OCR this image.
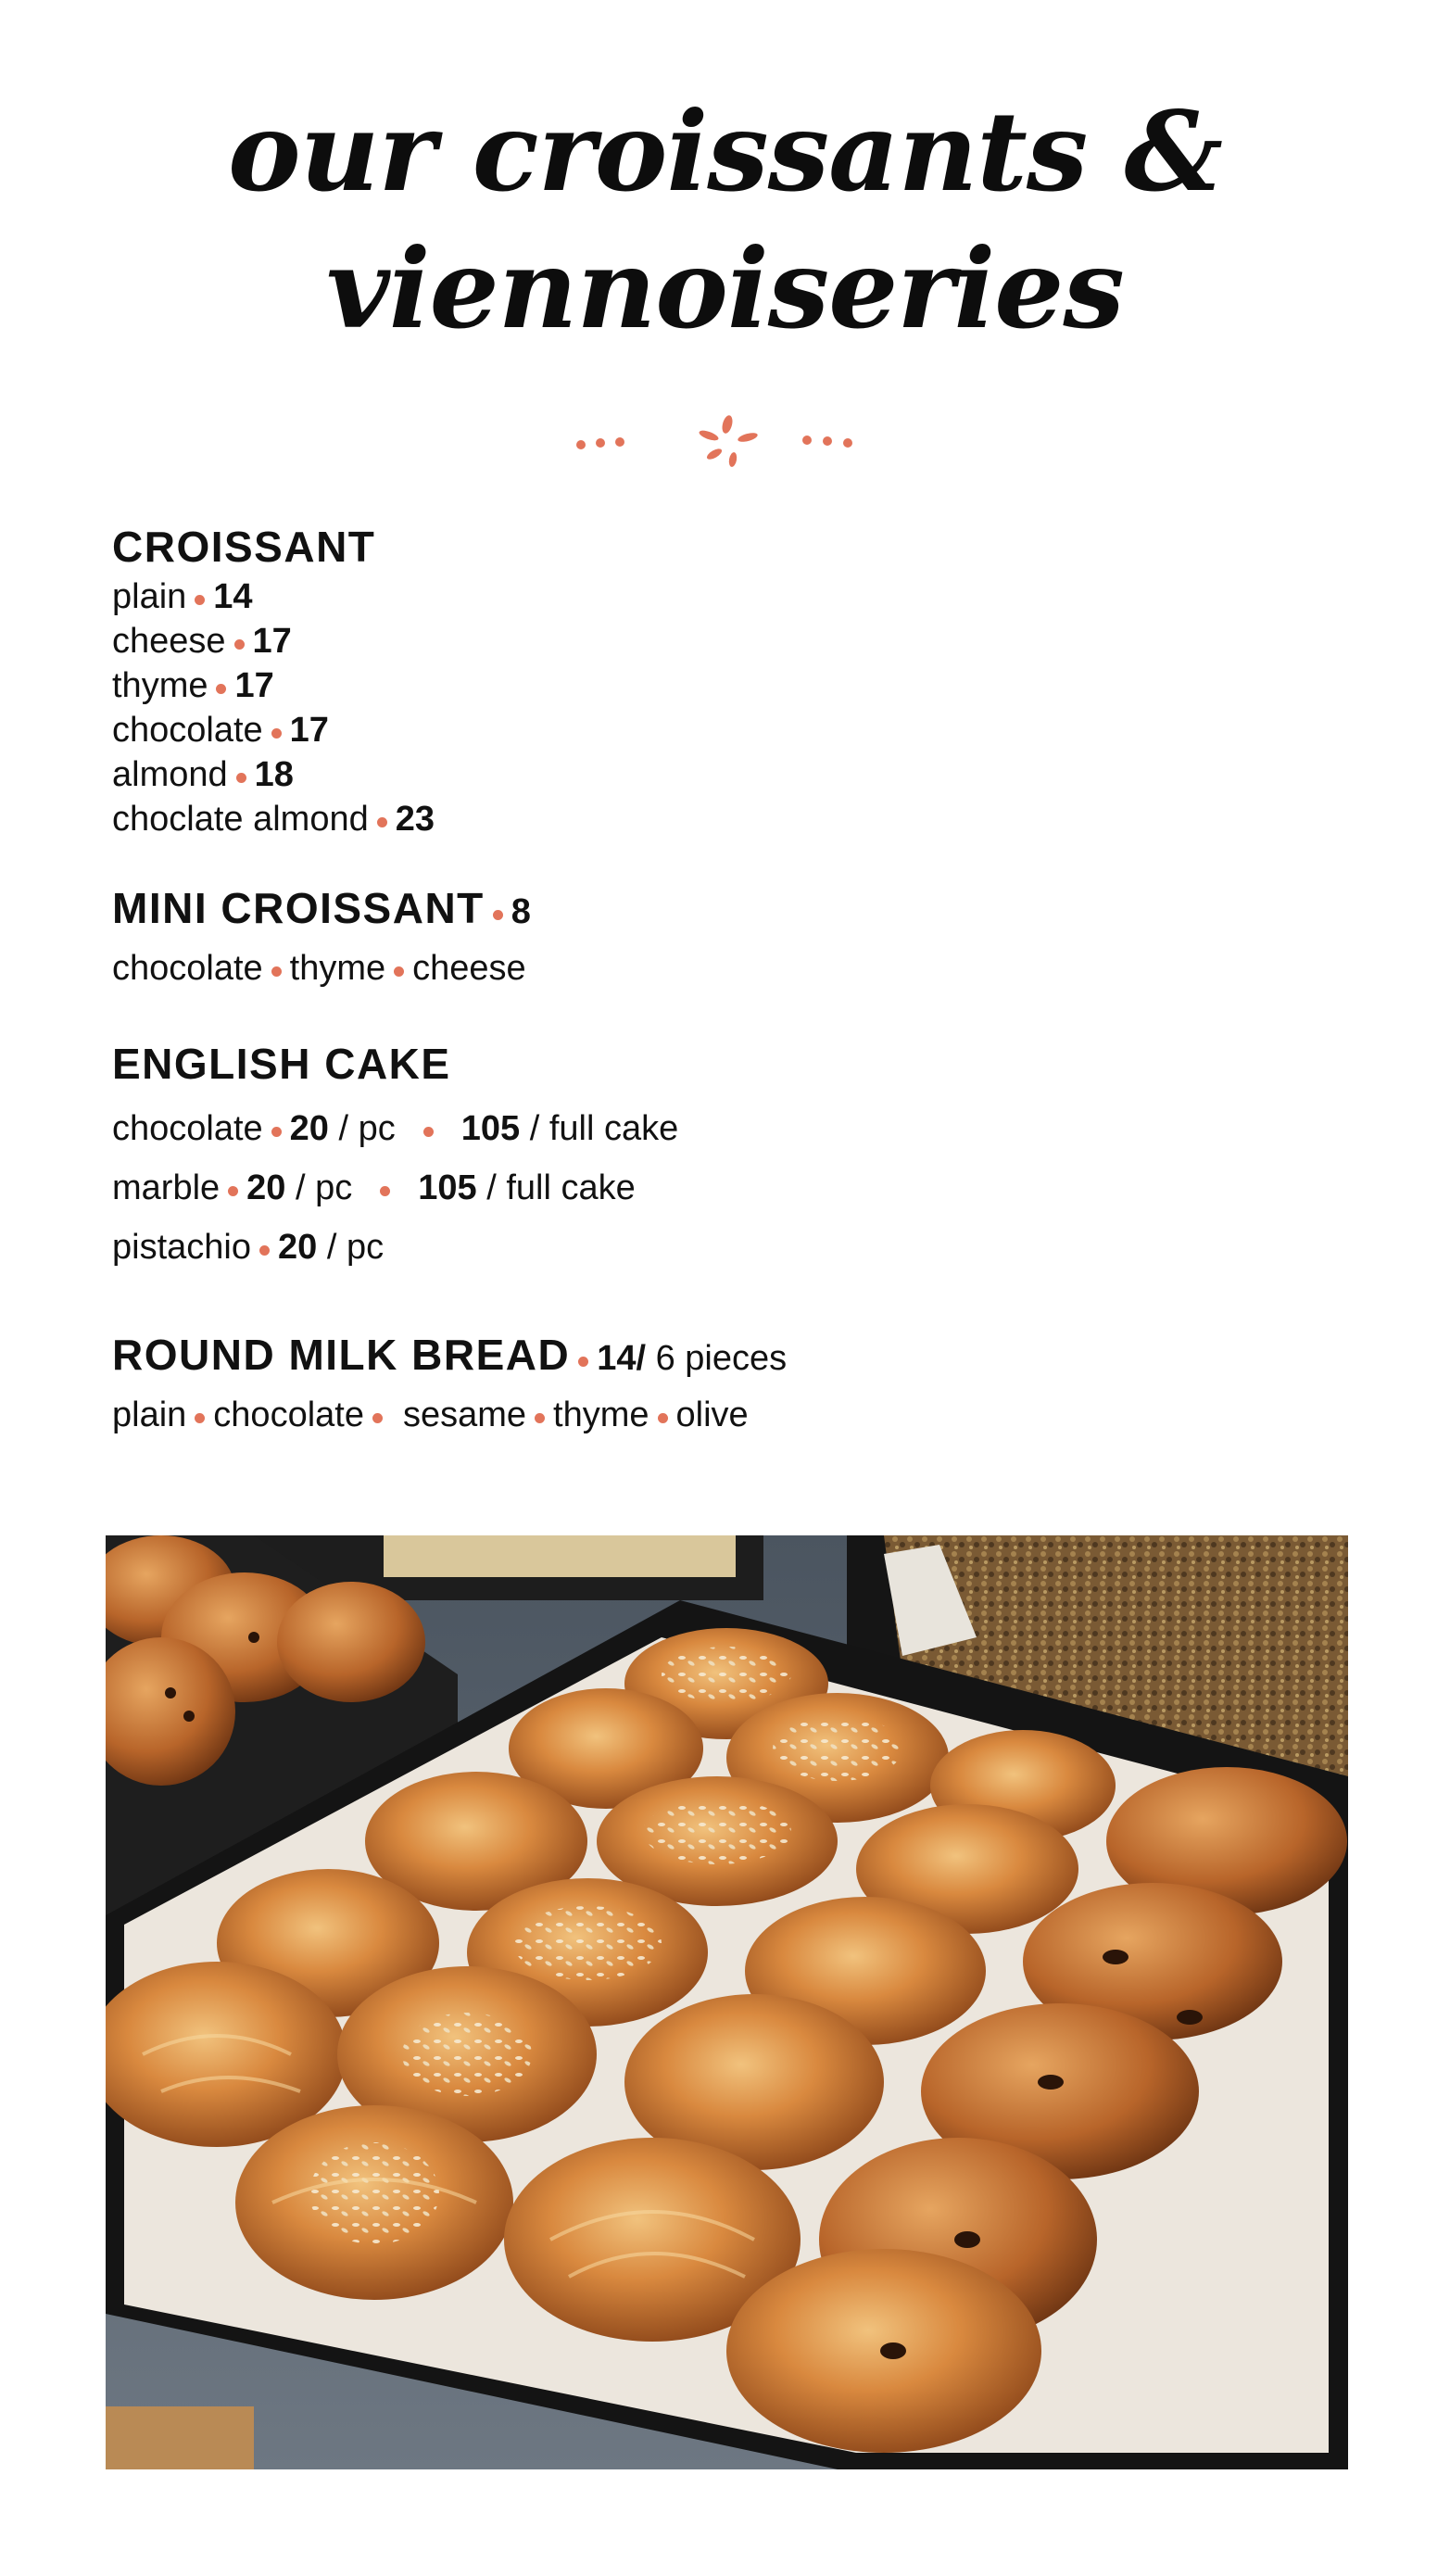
our croissants &
viennoiseries
CROISSANT
plain 14
cheese 17
thyme 17
chocolate 17
almond 18
choclate almond 23
MINI CROISSANT 8
chocolate thyme cheese
ENGLISH CAKE
chocolate 20 / pc 105 / full cake
marble 20 / pc 105 / full cake
pistachio 20 / pc
ROUND MILK BREAD 14/ 6 pieces
plain chocolate sesame thyme olive
